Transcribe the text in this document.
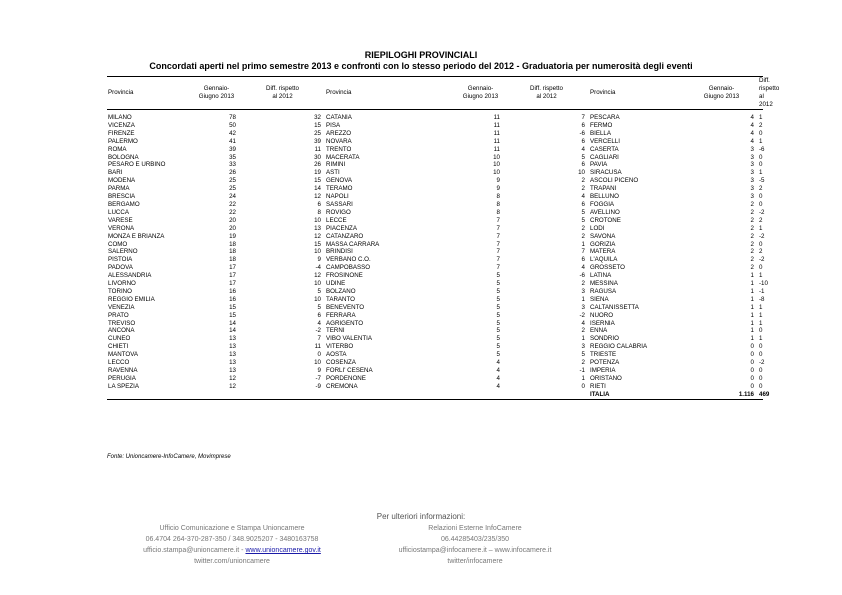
RIEPILOGHI PROVINCIALI
Concordati aperti nel primo semestre 2013 e confronti con lo stesso periodo del 2012 - Graduatoria per numerosità degli eventi
Provincia	Gennaio-
Giugno 2013	Diff. rispetto
al 2012	Provincia	Gennaio-
Giugno 2013	Diff. rispetto
al 2012	Provincia	Gennaio-
Giugno 2013	Diff. rispetto
al 2012

MILANO	78	32	CATANIA	11	7	PESCARA	4	1
VICENZA	50	15	PISA	11	6	FERMO	4	2
FIRENZE	42	25	AREZZO	11	-6	BIELLA	4	0
PALERMO	41	39	NOVARA	11	6	VERCELLI	4	1
ROMA	39	11	TRENTO	11	4	CASERTA	3	-6
BOLOGNA	35	30	MACERATA	10	5	CAGLIARI	3	0
PESARO E URBINO	33	26	RIMINI	10	6	PAVIA	3	0
BARI	26	19	ASTI	10	10	SIRACUSA	3	1
MODENA	25	15	GENOVA	9	2	ASCOLI PICENO	3	-5
PARMA	25	14	TERAMO	9	2	TRAPANI	3	2
BRESCIA	24	12	NAPOLI	8	4	BELLUNO	3	0
BERGAMO	22	6	SASSARI	8	6	FOGGIA	2	0
LUCCA	22	8	ROVIGO	8	5	AVELLINO	2	-2
VARESE	20	10	LECCE	7	5	CROTONE	2	2
VERONA	20	13	PIACENZA	7	2	LODI	2	1
MONZA E BRIANZA	19	12	CATANZARO	7	2	SAVONA	2	-2
COMO	18	15	MASSA CARRARA	7	1	GORIZIA	2	0
SALERNO	18	10	BRINDISI	7	7	MATERA	2	2
PISTOIA	18	9	VERBANO C.O.	7	6	L'AQUILA	2	-2
PADOVA	17	-4	CAMPOBASSO	7	4	GROSSETO	2	0
ALESSANDRIA	17	12	FROSINONE	5	-6	LATINA	1	1
LIVORNO	17	10	UDINE	5	2	MESSINA	1	-10
TORINO	16	5	BOLZANO	5	3	RAGUSA	1	-1
REGGIO EMILIA	16	10	TARANTO	5	1	SIENA	1	-8
VENEZIA	15	5	BENEVENTO	5	3	CALTANISSETTA	1	1
PRATO	15	6	FERRARA	5	-2	NUORO	1	1
TREVISO	14	4	AGRIGENTO	5	4	ISERNIA	1	1
ANCONA	14	-2	TERNI	5	2	ENNA	1	0
CUNEO	13	7	VIBO VALENTIA	5	1	SONDRIO	1	1
CHIETI	13	11	VITERBO	5	3	REGGIO CALABRIA	0	0
MANTOVA	13	0	AOSTA	5	5	TRIESTE	0	0
LECCO	13	10	COSENZA	4	2	POTENZA	0	-2
RAVENNA	13	9	FORLI' CESENA	4	-1	IMPERIA	0	0
PERUGIA	12	-7	PORDENONE	4	1	ORISTANO	0	0
LA SPEZIA	12	-9	CREMONA	4	0	RIETI	0	0
						ITALIA	1.116	469
Fonte: Unioncamere-InfoCamere, Movimprese
Per ulteriori informazioni:
Ufficio Comunicazione e Stampa Unioncamere
06.4704 264-370-287-350 / 348.9025207 - 3480163758
ufficio.stampa@unioncamere.it - www.unioncamere.gov.it
twitter.com/unioncamere
Relazioni Esterne InfoCamere
06.44285403/235/350
ufficiostampa@infocamere.it – www.infocamere.it
twitter/infocamere
